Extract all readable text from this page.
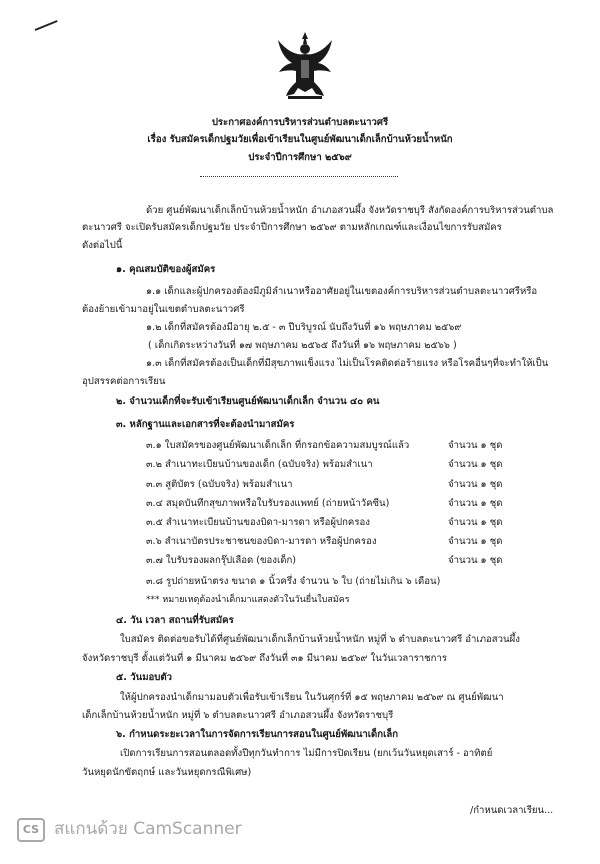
ประกาศองค์การบริหารส่วนตำบลตะนาวศรี
เรื่อง รับสมัครเด็กปฐมวัยเพื่อเข้าเรียนในศูนย์พัฒนาเด็กเล็กบ้านห้วยน้ำหนัก
ประจำปีการศึกษา ๒๕๖๙
ด้วย ศูนย์พัฒนาเด็กเล็กบ้านห้วยน้ำหนัก อำเภอสวนผึ้ง จังหวัดราชบุรี สังกัดองค์การบริหารส่วนตำบล
ตะนาวศรี จะเปิดรับสมัครเด็กปฐมวัย ประจำปีการศึกษา ๒๕๖๙ ตามหลักเกณฑ์และเงื่อนไขการรับสมัคร
ดังต่อไปนี้
๑. คุณสมบัติของผู้สมัคร
๑.๑ เด็กและผู้ปกครองต้องมีภูมิลำเนาหรืออาศัยอยู่ในเขตองค์การบริหารส่วนตำบลตะนาวศรีหรือ
ต้องย้ายเข้ามาอยู่ในเขตตำบลตะนาวศรี
๑.๒ เด็กที่สมัครต้องมีอายุ ๒.๕ - ๓ ปีบริบูรณ์ นับถึงวันที่ ๑๖ พฤษภาคม ๒๕๖๙
( เด็กเกิดระหว่างวันที่ ๑๗ พฤษภาคม ๒๕๖๕ ถึงวันที่ ๑๖ พฤษภาคม ๒๕๖๖ )
๑.๓ เด็กที่สมัครต้องเป็นเด็กที่มีสุขภาพแข็งแรง ไม่เป็นโรคติดต่อร้ายแรง หรือโรคอื่นๆที่จะทำให้เป็น
อุปสรรคต่อการเรียน
๒. จำนวนเด็กที่จะรับเข้าเรียนศูนย์พัฒนาเด็กเล็ก จำนวน ๔๐ คน
๓. หลักฐานและเอกสารที่จะต้องนำมาสมัคร
๓.๑ ใบสมัครของศูนย์พัฒนาเด็กเล็ก ที่กรอกข้อความสมบูรณ์แล้ว	จำนวน ๑ ชุด
๓.๒ สำเนาทะเบียนบ้านของเด็ก (ฉบับจริง) พร้อมสำเนา	จำนวน ๑ ชุด
๓.๓ สูติบัตร (ฉบับจริง) พร้อมสำเนา	จำนวน ๑ ชุด
๓.๔ สมุดบันทึกสุขภาพหรือใบรับรองแพทย์ (ถ่ายหน้าวัคซีน)	จำนวน ๑ ชุด
๓.๕ สำเนาทะเบียนบ้านของบิดา-มารดา หรือผู้ปกครอง	จำนวน ๑ ชุด
๓.๖ สำเนาบัตรประชาชนของบิดา-มารดา หรือผู้ปกครอง	จำนวน ๑ ชุด
๓.๗ ใบรับรองผลกรุ๊ปเลือด (ของเด็ก)	จำนวน ๑ ชุด
๓.๘ รูปถ่ายหน้าตรง ขนาด ๑ นิ้วครึ่ง จำนวน ๖ ใบ (ถ่ายไม่เกิน ๖ เดือน)
*** หมายเหตุต้องนำเด็กมาแสดงตัวในวันยื่นใบสมัคร
๔. วัน เวลา สถานที่รับสมัคร
ใบสมัคร ติดต่อขอรับได้ที่ศูนย์พัฒนาเด็กเล็กบ้านห้วยน้ำหนัก หมู่ที่ ๖ ตำบลตะนาวศรี อำเภอสวนผึ้ง
จังหวัดราชบุรี ตั้งแต่วันที่ ๑ มีนาคม ๒๕๖๙ ถึงวันที่ ๓๑ มีนาคม ๒๕๖๙ ในวันเวลาราชการ
๕. วันมอบตัว
ให้ผู้ปกครองนำเด็กมามอบตัวเพื่อรับเข้าเรียน ในวันศุกร์ที่ ๑๕ พฤษภาคม ๒๕๖๙ ณ ศูนย์พัฒนา
เด็กเล็กบ้านห้วยน้ำหนัก หมู่ที่ ๖ ตำบลตะนาวศรี อำเภอสวนผึ้ง จังหวัดราชบุรี
๖. กำหนดระยะเวลาในการจัดการเรียนการสอนในศูนย์พัฒนาเด็กเล็ก
เปิดการเรียนการสอนตลอดทั้งปีทุกวันทำการ ไม่มีการปิดเรียน (ยกเว้นวันหยุดเสาร์ - อาทิตย์
วันหยุดนักขัตฤกษ์ และวันหยุดกรณีพิเศษ)
/กำหนดเวลาเรียน...
CS สแกนด้วย CamScanner
